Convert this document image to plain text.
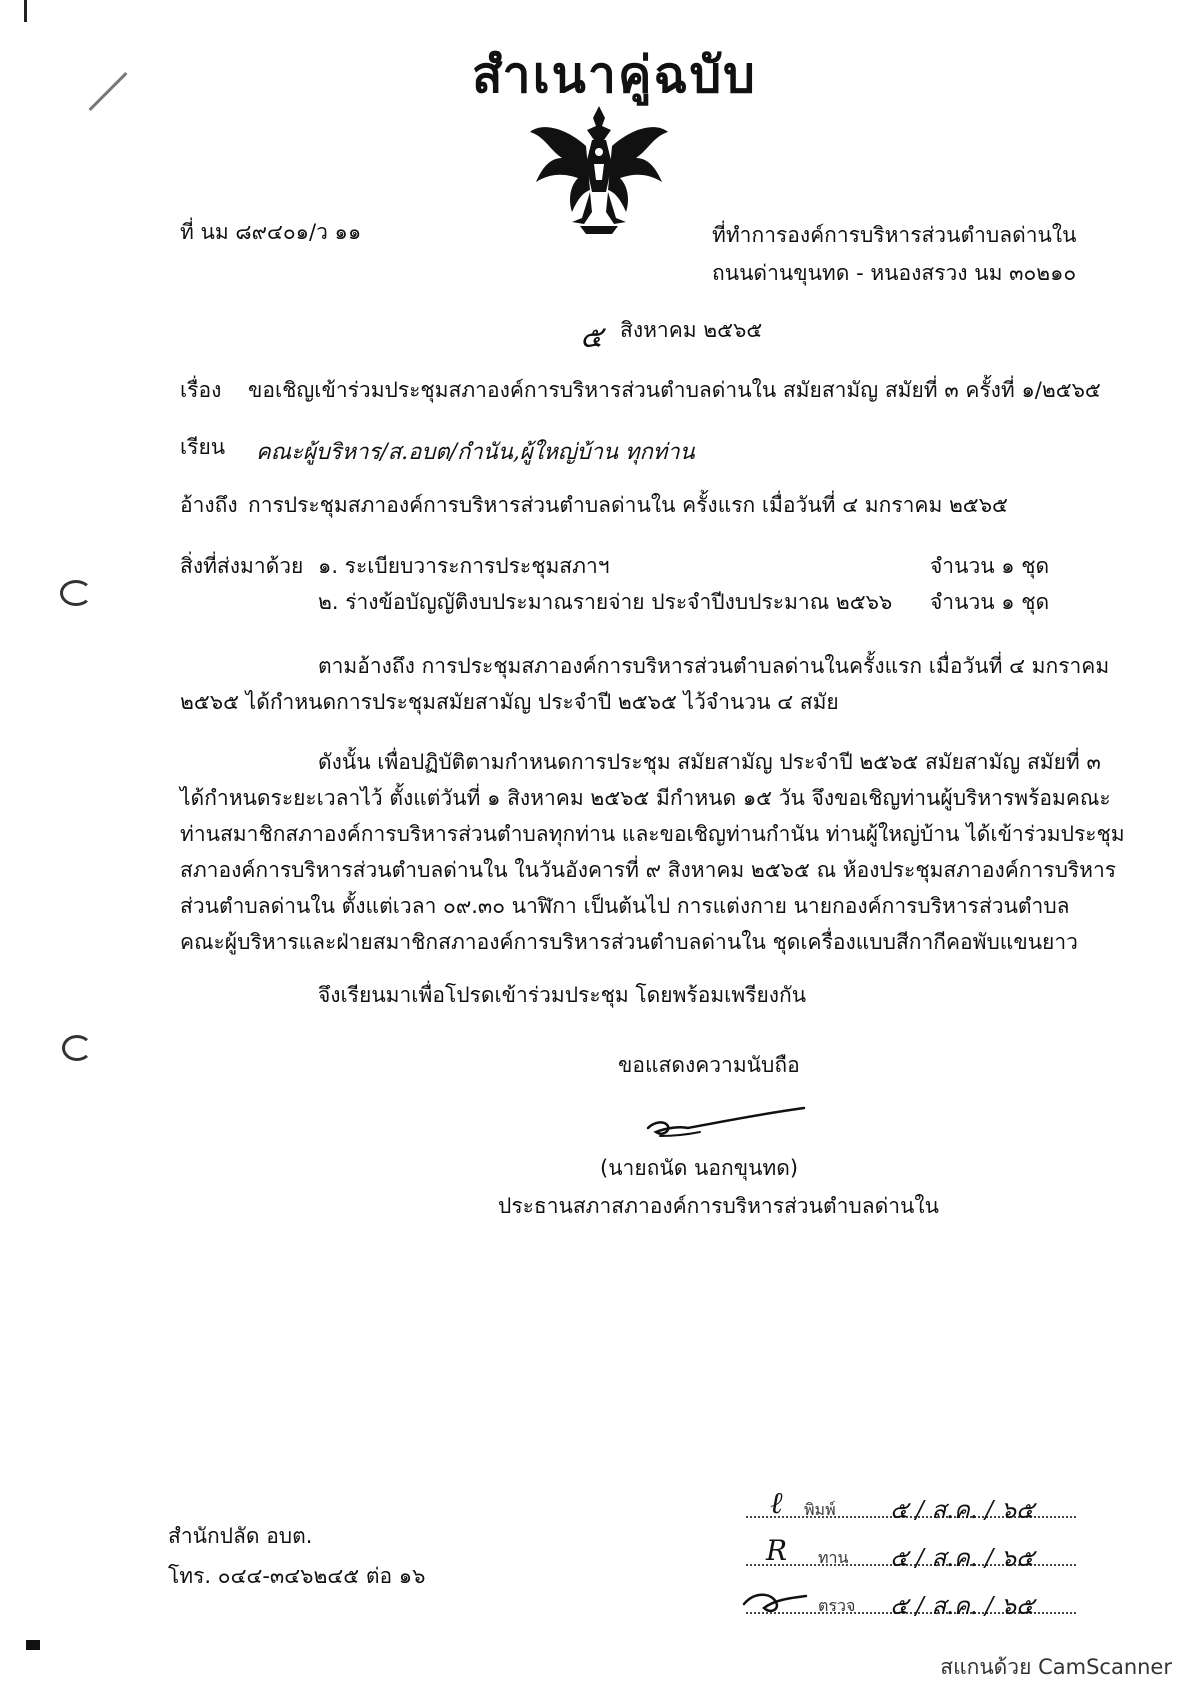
สำเนาคู่ฉบับ
ที่ นม ๘๙๔๐๑/ว ๑๑	ที่ทำการองค์การบริหารส่วนตำบลด่านใน
ถนนด่านขุนทด - หนองสรวง นม ๓๐๒๑๐
๕ สิงหาคม ๒๕๖๕
เรื่อง ขอเชิญเข้าร่วมประชุมสภาองค์การบริหารส่วนตำบลด่านใน สมัยสามัญ สมัยที่ ๓ ครั้งที่ ๑/๒๕๖๕
เรียน คณะผู้บริหาร/ส.อบต/กำนัน,ผู้ใหญ่บ้าน ทุกท่าน
อ้างถึง การประชุมสภาองค์การบริหารส่วนตำบลด่านใน ครั้งแรก เมื่อวันที่ ๔ มกราคม ๒๕๖๕
สิ่งที่ส่งมาด้วย ๑. ระเบียบวาระการประชุมสภาฯ	จำนวน ๑ ชุด
๒. ร่างข้อบัญญัติงบประมาณรายจ่าย ประจำปีงบประมาณ ๒๕๖๖ จำนวน ๑ ชุด
ตามอ้างถึง การประชุมสภาองค์การบริหารส่วนตำบลด่านในครั้งแรก เมื่อวันที่ ๔ มกราคม
๒๕๖๕ ได้กำหนดการประชุมสมัยสามัญ ประจำปี ๒๕๖๕ ไว้จำนวน ๔ สมัย
ดังนั้น เพื่อปฏิบัติตามกำหนดการประชุม สมัยสามัญ ประจำปี ๒๕๖๕ สมัยสามัญ สมัยที่ ๓
ได้กำหนดระยะเวลาไว้ ตั้งแต่วันที่ ๑ สิงหาคม ๒๕๖๕ มีกำหนด ๑๕ วัน จึงขอเชิญท่านผู้บริหารพร้อมคณะ
ท่านสมาชิกสภาองค์การบริหารส่วนตำบลทุกท่าน และขอเชิญท่านกำนัน ท่านผู้ใหญ่บ้าน ได้เข้าร่วมประชุม
สภาองค์การบริหารส่วนตำบลด่านใน ในวันอังคารที่ ๙ สิงหาคม ๒๕๖๕ ณ ห้องประชุมสภาองค์การบริหาร
ส่วนตำบลด่านใน ตั้งแต่เวลา ๐๙.๓๐ นาฬิกา เป็นต้นไป การแต่งกาย นายกองค์การบริหารส่วนตำบล
คณะผู้บริหารและฝ่ายสมาชิกสภาองค์การบริหารส่วนตำบลด่านใน ชุดเครื่องแบบสีกากีคอพับแขนยาว
จึงเรียนมาเพื่อโปรดเข้าร่วมประชุม โดยพร้อมเพรียงกัน
ขอแสดงความนับถือ
(นายถนัด นอกขุนทด)
ประธานสภาสภาองค์การบริหารส่วนตำบลด่านใน
สำนักปลัด อบต.
โทร. ๐๔๔-๓๔๖๒๔๕ ต่อ ๑๖
ℓ พิมพ์ ๕ / ส.ค. / ๖๕
R ทาน ๕ / ส.ค. / ๖๕
ตรวจ ๕ / ส.ค. / ๖๕
สแกนด้วย CamScanner
